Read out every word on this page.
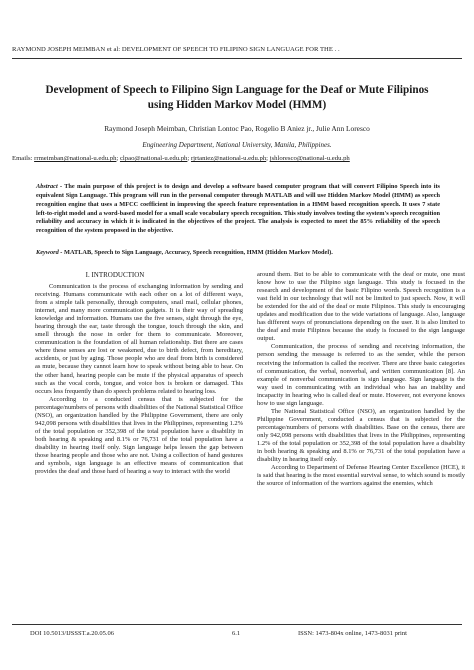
RAYMOND JOSEPH MEIMBAN et al: DEVELOPMENT OF SPEECH TO FILIPINO SIGN LANGUAGE FOR THE . .
Development of Speech to Filipino Sign Language for the Deaf or Mute Filipinos using Hidden Markov Model (HMM)
Raymond Joseph Meimban, Christian Lontoc Pao, Rogelio B Aniez jr., Julie Ann Loresco
Engineering Department, National University, Manila, Philippines.
Emails: rrmeimban@national-u.edu.ph; clpao@national-u.edu.ph; rjrtaniez@national-u.edu.ph; jshloresco@national-u.edu.ph
Abstract - The main purpose of this project is to design and develop a software based computer program that will convert Filipino Speech into its equivalent Sign Language. This program will run in the personal computer through MATLAB and will use Hidden Markov Model (HMM) as speech recognition engine that uses a MFCC coefficient in improving the speech feature representation in a HMM based recognition speech. It uses 7 state left-to-right model and a word-based model for a small scale vocabulary speech recognition. This study involves testing the system's speech recognition reliability and accuracy in which it is indicated in the objectives of the project. The analysis is expected to meet the 85% reliability of the speech recognition of the system proposed in the objective.
Keyword - MATLAB, Speech to Sign Language, Accuracy, Speech recognition, HMM (Hidden Markov Model).
I. INTRODUCTION

Communication is the process of exchanging information by sending and receiving. Humans communicate with each other on a lot of different ways, from a simple talk personally, through computers, snail mail, cellular phones, internet, and many more communication gadgets. It is their way of spreading knowledge and information. Humans use the five senses, sight through the eye, hearing through the ear, taste through the tongue, touch through the skin, and smell through the nose in order for them to communicate. Moreover, communication is the foundation of all human relationship. But there are cases where these senses are lost or weakened, due to birth defect, from hereditary, accidents, or just by aging. Those people who are deaf from birth is considered as mute, because they cannot learn how to speak without being able to hear. On the other hand, hearing people can be mute if the physical apparatus of speech such as the vocal cords, tongue, and voice box is broken or damaged. This occurs less frequently than do speech problems related to hearing loss.

According to a conducted census that is subjected for the percentage/numbers of persons with disabilities of the National Statistical Office (NSO), an organization handled by the Philippine Government, there are only 942,098 persons with disabilities that lives in the Philippines, representing 1.2% of the total population or 352,398 of the total population have a disability in both hearing & speaking and 8.1% or 76,731 of the total population have a disability in hearing itself only. Sign language helps lessen the gap between those hearing people and those who are not. Using a collection of hand gestures and symbols, sign language is an effective means of communication that provides the deaf and those hard of hearing a way to interact with the world

around them. But to be able to communicate with the deaf or mute, one must know how to use the Filipino sign language. This study is focused in the research and development of the basic Filipino words. Speech recognition is a vast field in our technology that will not be limited to just speech. Now, it will be extended for the aid of the deaf or mute Filipinos. This study is encouraging updates and modification due to the wide variations of language. Also, language has different ways of pronunciations depending on the user. It is also limited to the deaf and mute Filipinos because the study is focused to the sign language output.

Communication, the process of sending and receiving information, the person sending the message is referred to as the sender, while the person receiving the information is called the receiver. There are three basic categories of communication, the verbal, nonverbal, and written communication [8]. An example of nonverbal communication is sign language. Sign language is the way used in communicating with an individual who has an inability and incapacity in hearing who is called deaf or mute. However, not everyone knows how to use sign language.

The National Statistical Office (NSO), an organization handled by the Philippine Government, conducted a census that is subjected for the percentage/numbers of persons with disabilities. Base on the census, there are only 942,098 persons with disabilities that lives in the Philippines, representing 1.2% of the total population or 352,398 of the total population have a disability in both hearing & speaking and 8.1% or 76,731 of the total population have a disability in hearing itself only.

According to Department of Defense Hearing Center Excellence (HCE), it is said that hearing is the most essential survival sense, to which sound is mostly the source of information of the warriors against the enemies, which

DOI 10.5013/IJSSST.a.20.05.06	6.1	ISSN: 1473-804x online, 1473-8031 print
